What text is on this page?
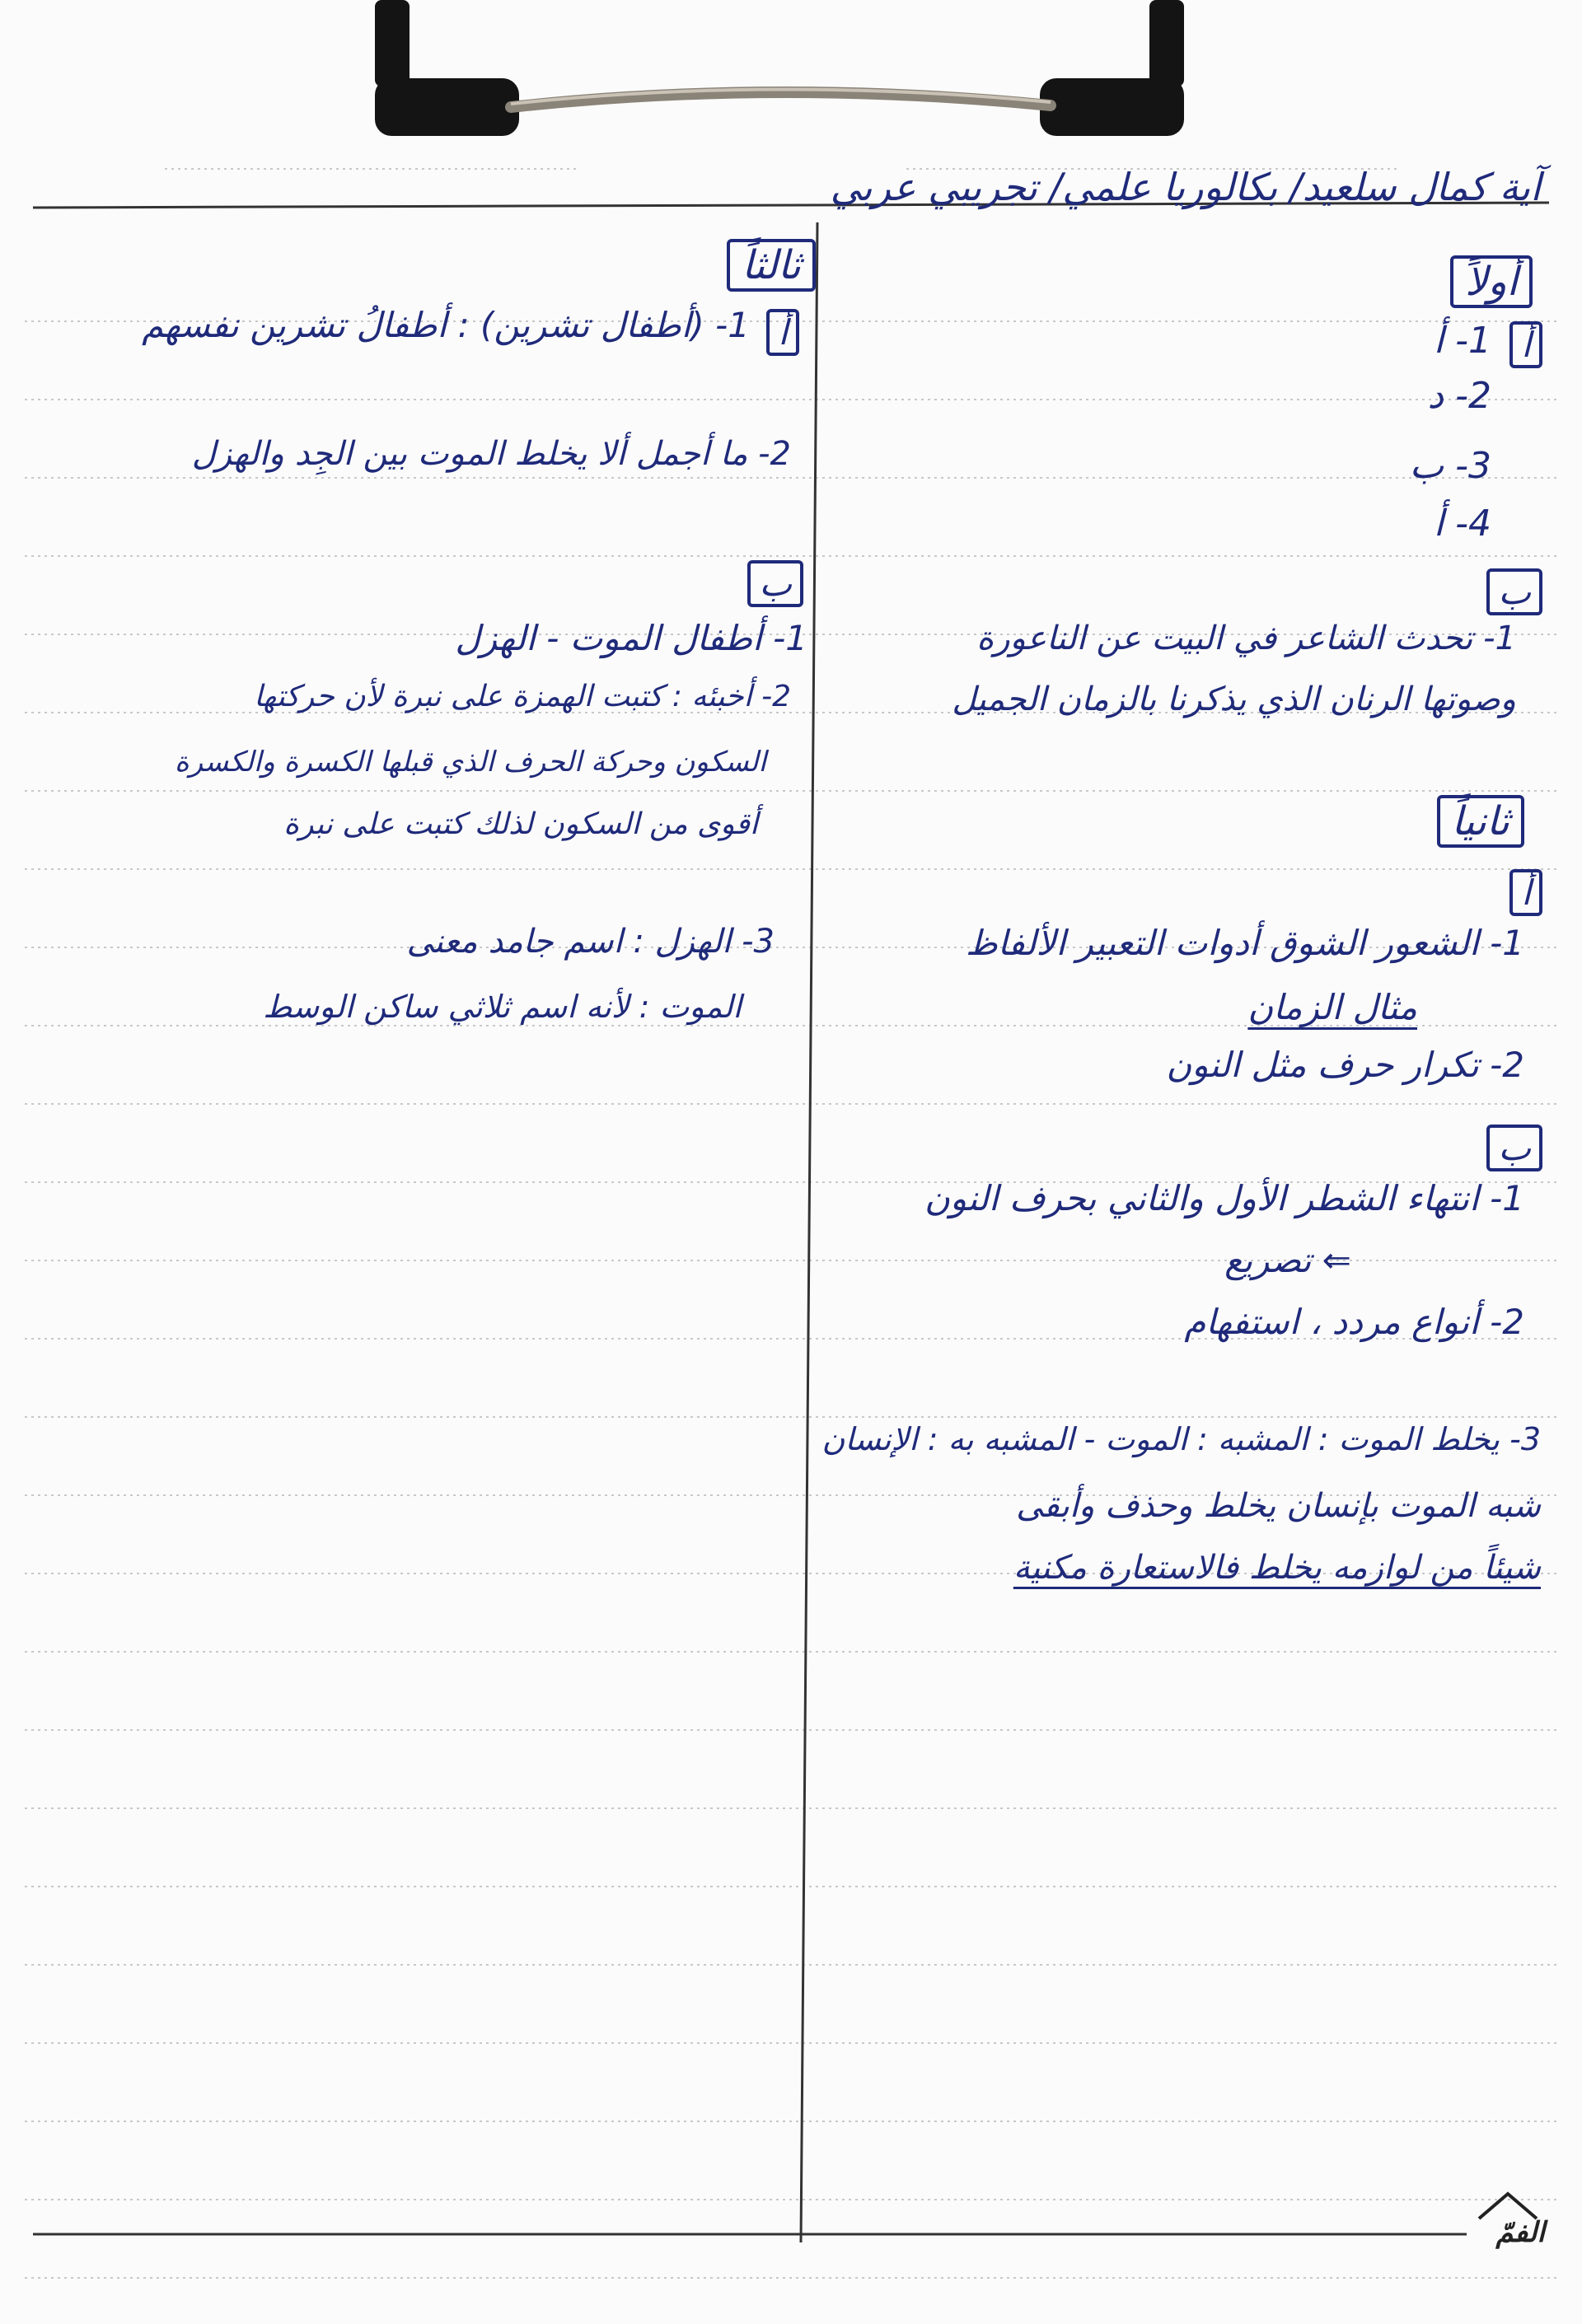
آية كمال سلعيد/ بكالوريا علمي/ تجريبي عربي
أولاً
أ
1- أ
2- د
3- ب
4- أ
ب
1- تحدث الشاعر في البيت عن الناعورة
وصوتها الرنان الذي يذكرنا بالزمان الجميل
ثانياً
أ
1- الشعور الشوق أدوات التعبير الألفاظ
مثال الزمان
2- تكرار حرف مثل النون
ب
1- انتهاء الشطر الأول والثاني بحرف النون
⇐ تصريع
2- أنواع مردد ، استفهام
3- يخلط الموت : المشبه : الموت - المشبه به : الإنسان
شبه الموت بإنسان يخلط وحذف وأبقى
شيئاً من لوازمه يخلط فالاستعارة مكنية
ثالثاً
أ
1- (أطفال تشرين) : أطفالُ تشرين نفسهم
2- ما أجمل ألا يخلط الموت بين الجِد والهزل
ب
1- أطفال الموت - الهزل
2- أخبئه : كتبت الهمزة على نبرة لأن حركتها
السكون وحركة الحرف الذي قبلها الكسرة والكسرة
أقوى من السكون لذلك كتبت على نبرة
3- الهزل : اسم جامد معنى
الموت : لأنه اسم ثلاثي ساكن الوسط
الفمّ
